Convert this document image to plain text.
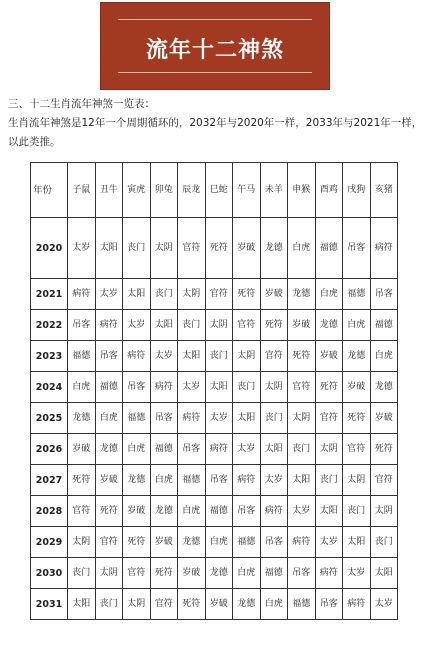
流年十二神煞
三、十二生肖流年神煞一览表：
生肖流年神煞是12年一个周期循环的，2032年与2020年一样，2033年与2021年一样，以此类推。
年份	子鼠	丑牛	寅虎	卯兔	辰龙	巳蛇	午马	未羊	申猴	酉鸡	戌狗	亥猪
2020	太岁	太阳	丧门	太阴	官符	死符	岁破	龙德	白虎	福德	吊客	病符
2021	病符	太岁	太阳	丧门	太阴	官符	死符	岁破	龙德	白虎	福德	吊客
2022	吊客	病符	太岁	太阳	丧门	太阴	官符	死符	岁破	龙德	白虎	福德
2023	福德	吊客	病符	太岁	太阳	丧门	太阴	官符	死符	岁破	龙德	白虎
2024	白虎	福德	吊客	病符	太岁	太阳	丧门	太阴	官符	死符	岁破	龙德
2025	龙德	白虎	福德	吊客	病符	太岁	太阳	丧门	太阴	官符	死符	岁破
2026	岁破	龙德	白虎	福德	吊客	病符	太岁	太阳	丧门	太阴	官符	死符
2027	死符	岁破	龙德	白虎	福德	吊客	病符	太岁	太阳	丧门	太阴	官符
2028	官符	死符	岁破	龙德	白虎	福德	吊客	病符	太岁	太阳	丧门	太阴
2029	太阴	官符	死符	岁破	龙德	白虎	福德	吊客	病符	太岁	太阳	丧门
2030	丧门	太阴	官符	死符	岁破	龙德	白虎	福德	吊客	病符	太岁	太阳
2031	太阳	丧门	太阴	官符	死符	岁破	龙德	白虎	福德	吊客	病符	太岁
